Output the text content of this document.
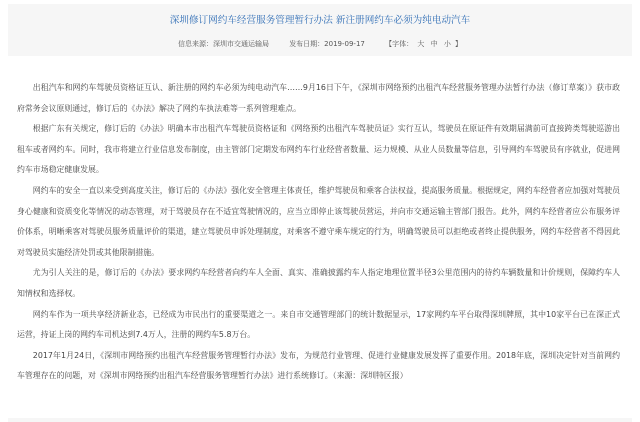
深圳修订网约车经营服务管理暂行办法 新注册网约车必须为纯电动汽车
信息来源：深圳市交通运输局	发布日期：2019-09-17	【字体： 大 中 小 】

出租汽车和网约车驾驶员资格证互认、新注册的网约车必须为纯电动汽车……9月16日下午，《深圳市网络预约出租汽车经营服务管理办法暂行办法（修订草案）》获市政府常务会议原则通过，修订后的《办法》解决了网约车执法难等一系列管理难点。

根据广东有关规定，修订后的《办法》明确本市出租汽车驾驶员资格证和《网络预约出租汽车驾驶员证》实行互认，驾驶员在原证件有效期届满前可直接跨类驾驶巡游出租车或者网约车。同时，我市将建立行业信息发布制度，由主管部门定期发布网约车行业经营者数量、运力规模、从业人员数量等信息，引导网约车驾驶员有序就业，促进网约车市场稳定健康发展。

网约车的安全一直以来受到高度关注，修订后的《办法》强化安全管理主体责任，维护驾驶员和乘客合法权益，提高服务质量。根据规定，网约车经营者应加强对驾驶员身心健康和资质变化等情况的动态管理，对于驾驶员存在不适宜驾驶情况的，应当立即停止该驾驶员营运，并向市交通运输主管部门报告。此外，网约车经营者应公布服务评价体系，明晰乘客对驾驶员服务质量评价的渠道，建立驾驶员申诉处理制度，对乘客不遵守乘车规定的行为，明确驾驶员可以拒绝或者终止提供服务，网约车经营者不得因此对驾驶员实施经济处罚或其他限制措施。

尤为引人关注的是，修订后的《办法》要求网约车经营者向约车人全面、真实、准确披露约车人指定地理位置半径3公里范围内的待约车辆数量和计价规则，保障约车人知情权和选择权。

网约车作为一项共享经济新业态，已经成为市民出行的重要渠道之一。来自市交通管理部门的统计数据显示，17家网约车平台取得深圳牌照，其中10家平台已在深正式运营，持证上岗的网约车司机达到7.4万人，注册的网约车5.8万台。

2017年1月24日，《深圳市网络预约出租汽车经营服务管理暂行办法》发布，为规范行业管理、促进行业健康发展发挥了重要作用。2018年底，深圳决定针对当前网约车管理存在的问题，对《深圳市网络预约出租汽车经营服务管理暂行办法》进行系统修订。（来源：深圳特区报）
